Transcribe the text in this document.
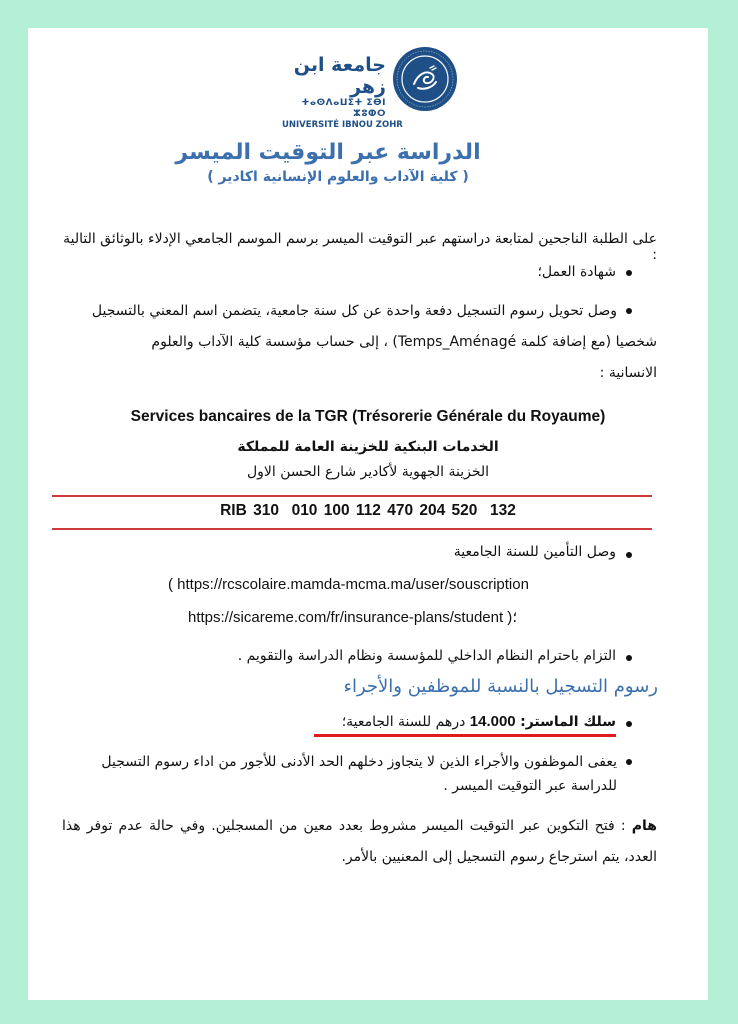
جامعة ابن زهر
ⵜⴰⵙⴷⴰⵡⵉⵜ ⵉⴱⵏ ⵣⵓⵀⵔ
UNIVERSITÉ IBNOU ZOHR
الدراسة عبر التوقيت الميسر
( كلية الآداب والعلوم الإنسانية اكادير )
على الطلبة الناجحين لمتابعة دراستهم عبر التوقيت الميسر برسم الموسم الجامعي الإدلاء بالوثائق التالية :
شهادة العمل؛
وصل تحويل رسوم التسجيل دفعة واحدة عن كل سنة جامعية، يتضمن اسم المعني بالتسجيل
شخصيا (مع إضافة كلمة Temps_Aménagé) ، إلى حساب مؤسسة كلية الآداب والعلوم
الانسانية :
Services bancaires de la TGR (Trésorerie Générale du Royaume)
الخدمات البنكية للخزينة العامة للمملكة
الخزينة الجهوية لأكادير شارع الحسن الاول
RIB 310  010 100 112 470 204 520  132
وصل التأمين للسنة الجامعية
( https://rcscolaire.mamda-mcma.ma/user/souscription
https://sicareme.com/fr/insurance-plans/student )؛
التزام باحترام النظام الداخلي للمؤسسة ونظام الدراسة والتقويم .
رسوم التسجيل بالنسبة للموظفين والأجراء
سلك الماستر: 14.000 درهم للسنة الجامعية؛
يعفى الموظفون والأجراء الذين لا يتجاوز دخلهم الحد الأدنى للأجور من اداء رسوم التسجيل
للدراسة عبر التوقيت الميسر .
هام : فتح التكوين عبر التوقيت الميسر مشروط بعدد معين من المسجلين. وفي حالة عدم توفر هذا العدد، يتم استرجاع رسوم التسجيل إلى المعنيين بالأمر.
